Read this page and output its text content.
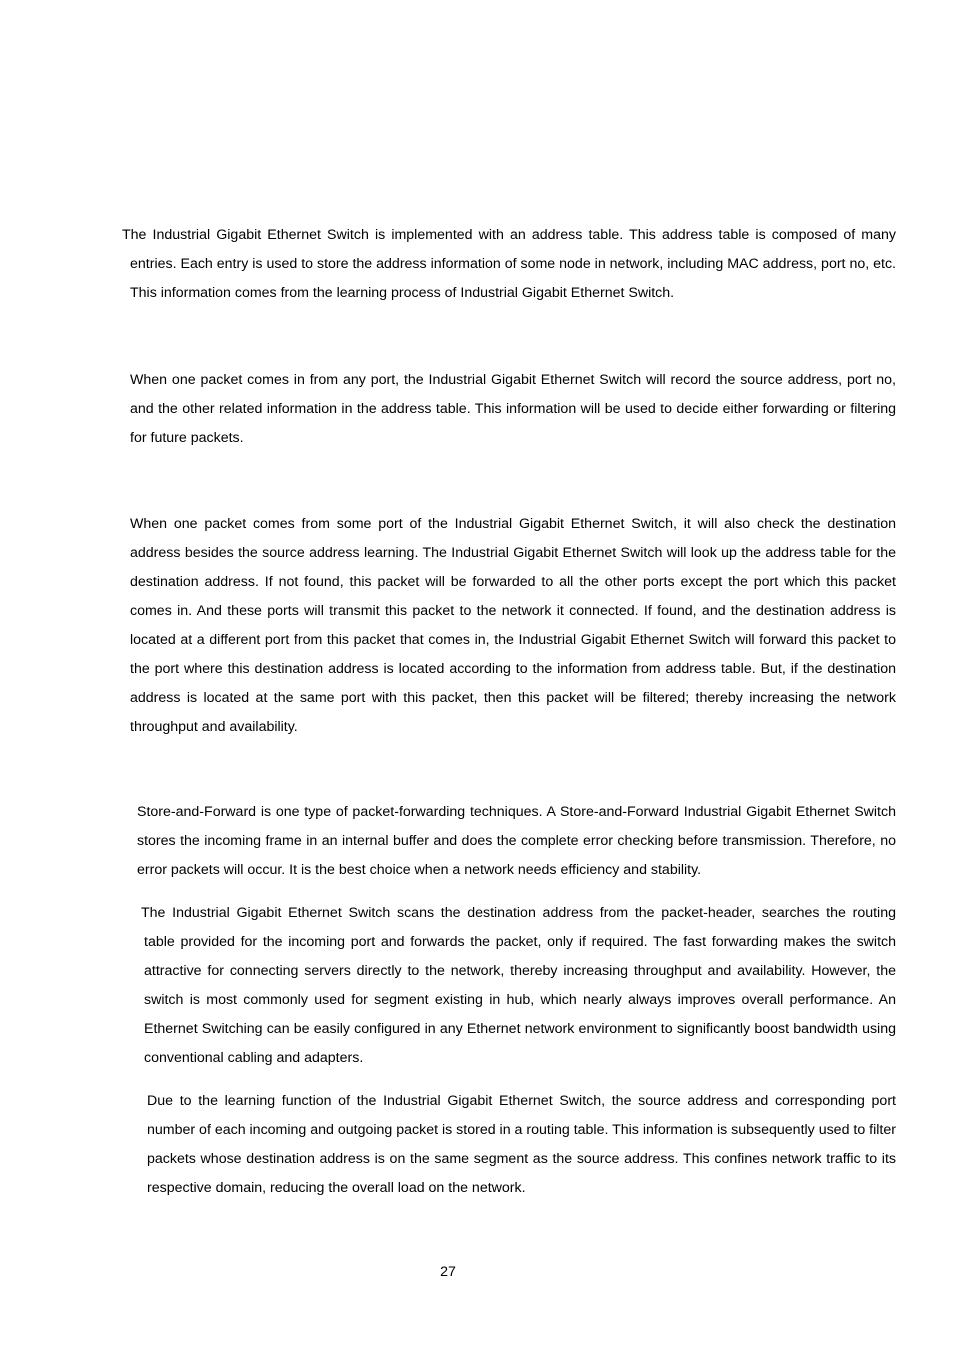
The Industrial Gigabit Ethernet Switch is implemented with an address table. This address table is composed of many
entries. Each entry is used to store the address information of some node in network, including MAC address, port no, etc. This information comes from the learning process of Industrial Gigabit Ethernet Switch.

When one packet comes in from any port, the Industrial Gigabit Ethernet Switch will record the source address, port no, and the other related information in the address table. This information will be used to decide either forwarding or filtering for future packets.

When one packet comes from some port of the Industrial Gigabit Ethernet Switch, it will also check the destination address besides the source address learning. The Industrial Gigabit Ethernet Switch will look up the address table for the destination address. If not found, this packet will be forwarded to all the other ports except the port which this packet comes in. And these ports will transmit this packet to the network it connected. If found, and the destination address is located at a different port from this packet that comes in, the Industrial Gigabit Ethernet Switch will forward this packet to the port where this destination address is located according to the information from address table. But, if the destination address is located at the same port with this packet, then this packet will be filtered; thereby increasing the network throughput and availability.

Store-and-Forward is one type of packet-forwarding techniques. A Store-and-Forward Industrial Gigabit Ethernet Switch stores the incoming frame in an internal buffer and does the complete error checking before transmission. Therefore, no error packets will occur. It is the best choice when a network needs efficiency and stability.

The Industrial Gigabit Ethernet Switch scans the destination address from the packet-header, searches the routing
table provided for the incoming port and forwards the packet, only if required. The fast forwarding makes the switch attractive for connecting servers directly to the network, thereby increasing throughput and availability. However, the switch is most commonly used for segment existing in hub, which nearly always improves overall performance. An Ethernet Switching can be easily configured in any Ethernet network environment to significantly boost bandwidth using conventional cabling and adapters.

Due to the learning function of the Industrial Gigabit Ethernet Switch, the source address and corresponding port number of each incoming and outgoing packet is stored in a routing table. This information is subsequently used to filter packets whose destination address is on the same segment as the source address. This confines network traffic to its respective domain, reducing the overall load on the network.

27
